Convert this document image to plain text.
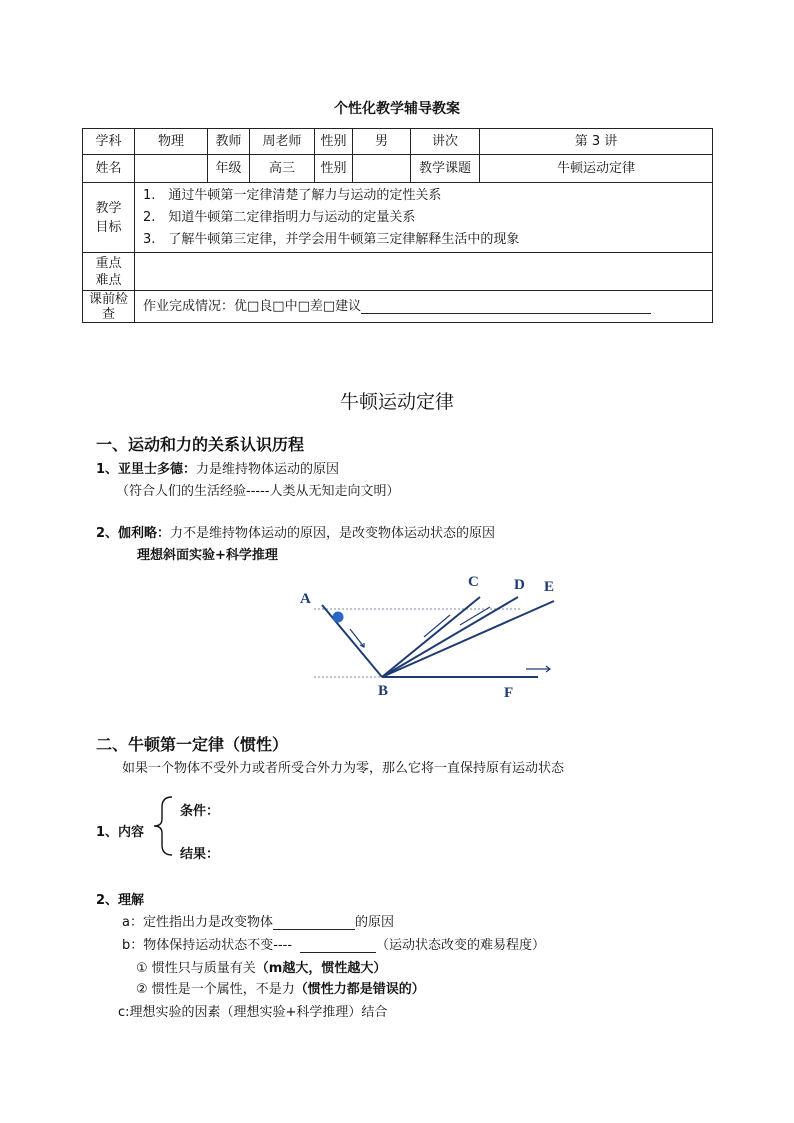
个性化教学辅导教案
学科	物理	教师	周老师	性别	男	讲次	第 3 讲
姓名		年级	高三	性别		教学课题	牛顿运动定律

教学
目标	1.　通过牛顿第一定律清楚了解力与运动的定性关系
2.　知道牛顿第二定律指明力与运动的定量关系
3.　了解牛顿第三定律，并学会用牛顿第三定律解释生活中的现象						

重点
难点							

课前检
查	作业完成情况：优□良□中□差□建议						
牛顿运动定律
一、运动和力的关系认识历程
1、亚里士多德：力是维持物体运动的原因
（符合人们的生活经验-----人类从无知走向文明）
2、伽利略：力不是维持物体运动的原因，是改变物体运动状态的原因
理想斜面实验+科学推理
A
B
C D E
F
二、牛顿第一定律（惯性）
如果一个物体不受外力或者所受合外力为零，那么它将一直保持原有运动状态
1、内容
条件：
结果：
2、理解
a：定性指出力是改变物体	的原因
b：物体保持运动状态不变----	（运动状态改变的难易程度）
① 惯性只与质量有关（m越大，惯性越大）
② 惯性是一个属性，不是力（惯性力都是错误的）
c:理想实验的因素（理想实验+科学推理）结合
